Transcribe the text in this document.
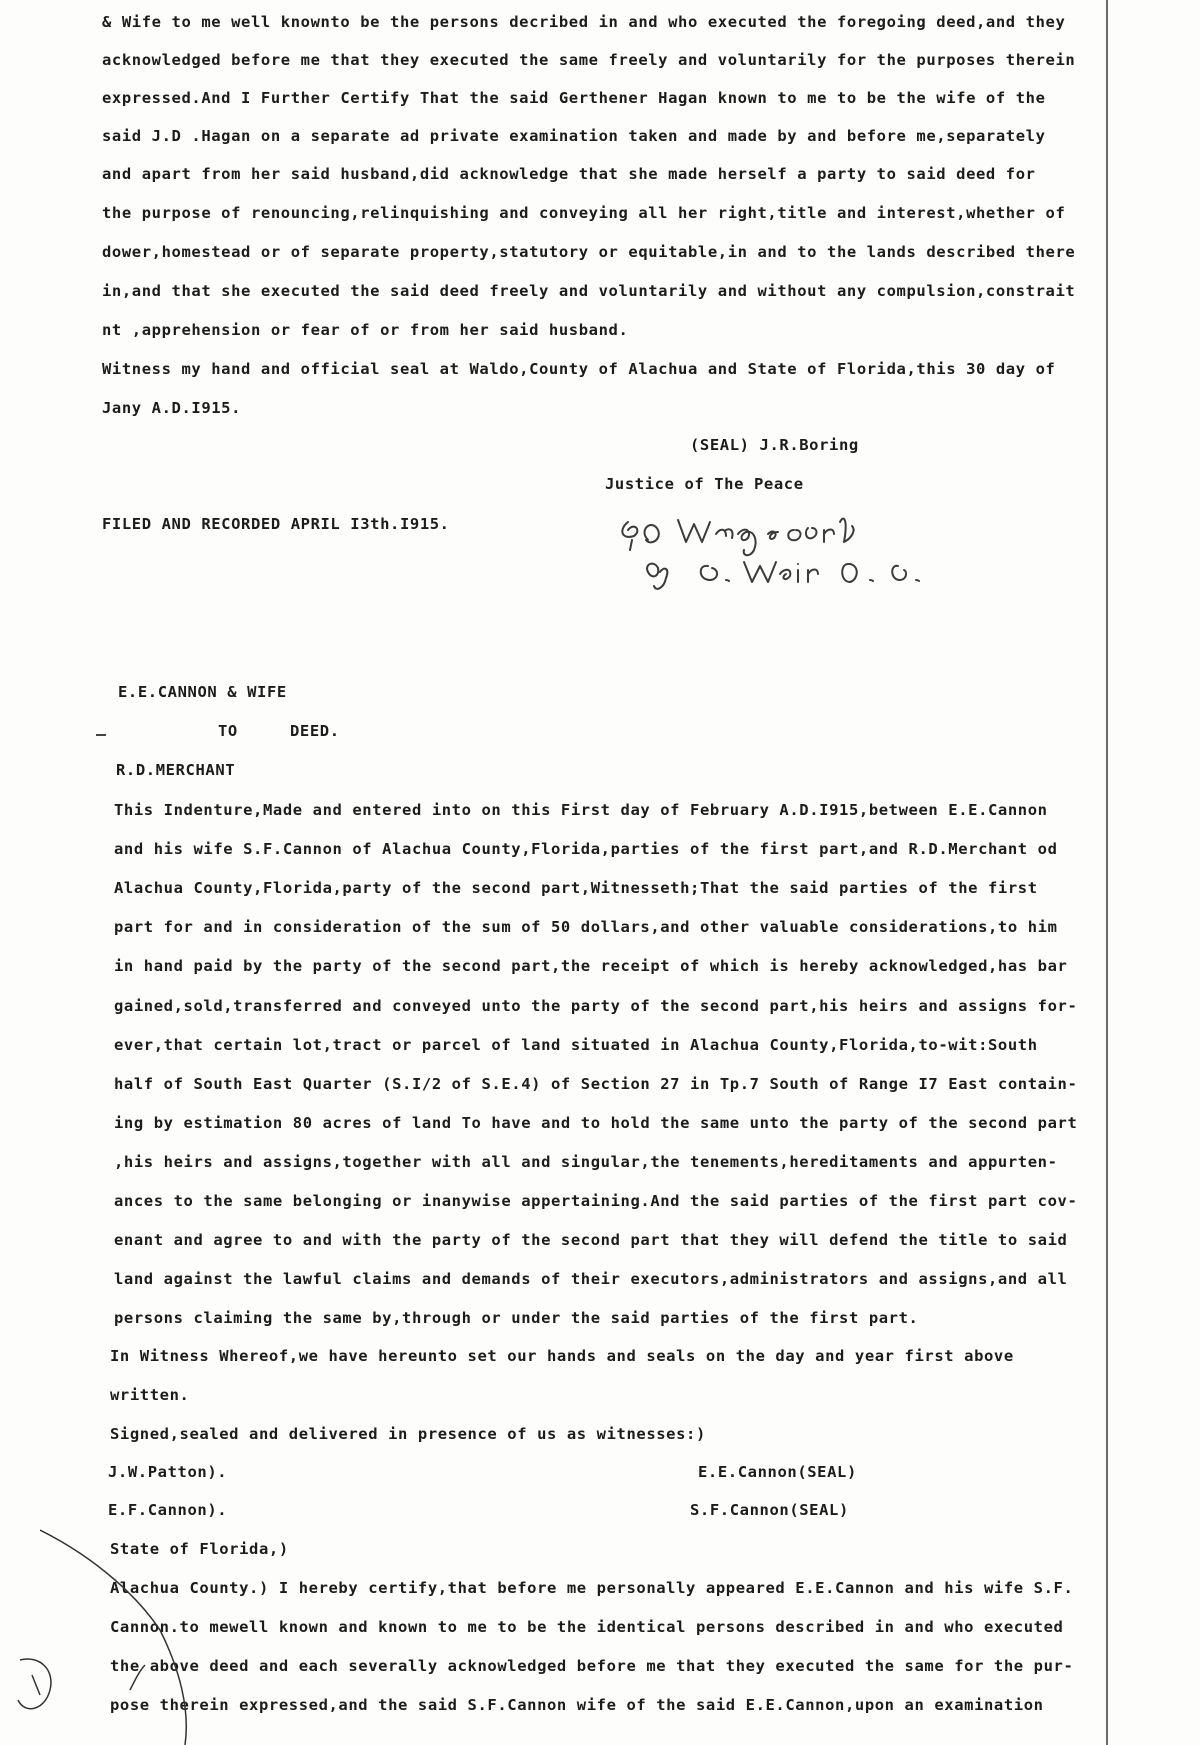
& Wife to me well knownto be the persons decribed in and who executed the foregoing deed,and they
acknowledged before me that they executed the same freely and voluntarily for the purposes therein
expressed.And I Further Certify That the said Gerthener Hagan known to me to be the wife of the
said J.D .Hagan on a separate ad private examination taken and made by and before me,separately
and apart from her said husband,did acknowledge that she made herself a party to said deed for
the purpose of renouncing,relinquishing and conveying all her right,title and interest,whether of
dower,homestead or of separate property,statutory or equitable,in and to the lands described there
in,and that she executed the said deed freely and voluntarily and without any compulsion,constrait
nt ,apprehension or fear of or from her said husband.
Witness my hand and official seal at Waldo,County of Alachua and State of Florida,this 30 day of
Jany A.D.I915.
(SEAL) J.R.Boring
Justice of The Peace
FILED AND RECORDED APRIL I3th.I915.
E.E.CANNON & WIFE
TO	DEED.
R.D.MERCHANT
This Indenture,Made and entered into on this First day of February A.D.I915,between E.E.Cannon
and his wife S.F.Cannon of Alachua County,Florida,parties of the first part,and R.D.Merchant od
Alachua County,Florida,party of the second part,Witnesseth;That the said parties of the first
part for and in consideration of the sum of 50 dollars,and other valuable considerations,to him
in hand paid by the party of the second part,the receipt of which is hereby acknowledged,has bar
gained,sold,transferred and conveyed unto the party of the second part,his heirs and assigns for-
ever,that certain lot,tract or parcel of land situated in Alachua County,Florida,to-wit:South
half of South East Quarter (S.I/2 of S.E.4) of Section 27 in Tp.7 South of Range I7 East contain-
ing by estimation 80 acres of land To have and to hold the same unto the party of the second part
,his heirs and assigns,together with all and singular,the tenements,hereditaments and appurten-
ances to the same belonging or inanywise appertaining.And the said parties of the first part cov-
enant and agree to and with the party of the second part that they will defend the title to said
land against the lawful claims and demands of their executors,administrators and assigns,and all
persons claiming the same by,through or under the said parties of the first part.
In Witness Whereof,we have hereunto set our hands and seals on the day and year first above
written.
Signed,sealed and delivered in presence of us as witnesses:)
J.W.Patton).
E.F.Cannon).
E.E.Cannon(SEAL)
S.F.Cannon(SEAL)
State of Florida,)
Alachua County.) I hereby certify,that before me personally appeared E.E.Cannon and his wife S.F.
Cannon.to mewell known and known to me to be the identical persons described in and who executed
the above deed and each severally acknowledged before me that they executed the same for the pur-
pose therein expressed,and the said S.F.Cannon wife of the said E.E.Cannon,upon an examination
